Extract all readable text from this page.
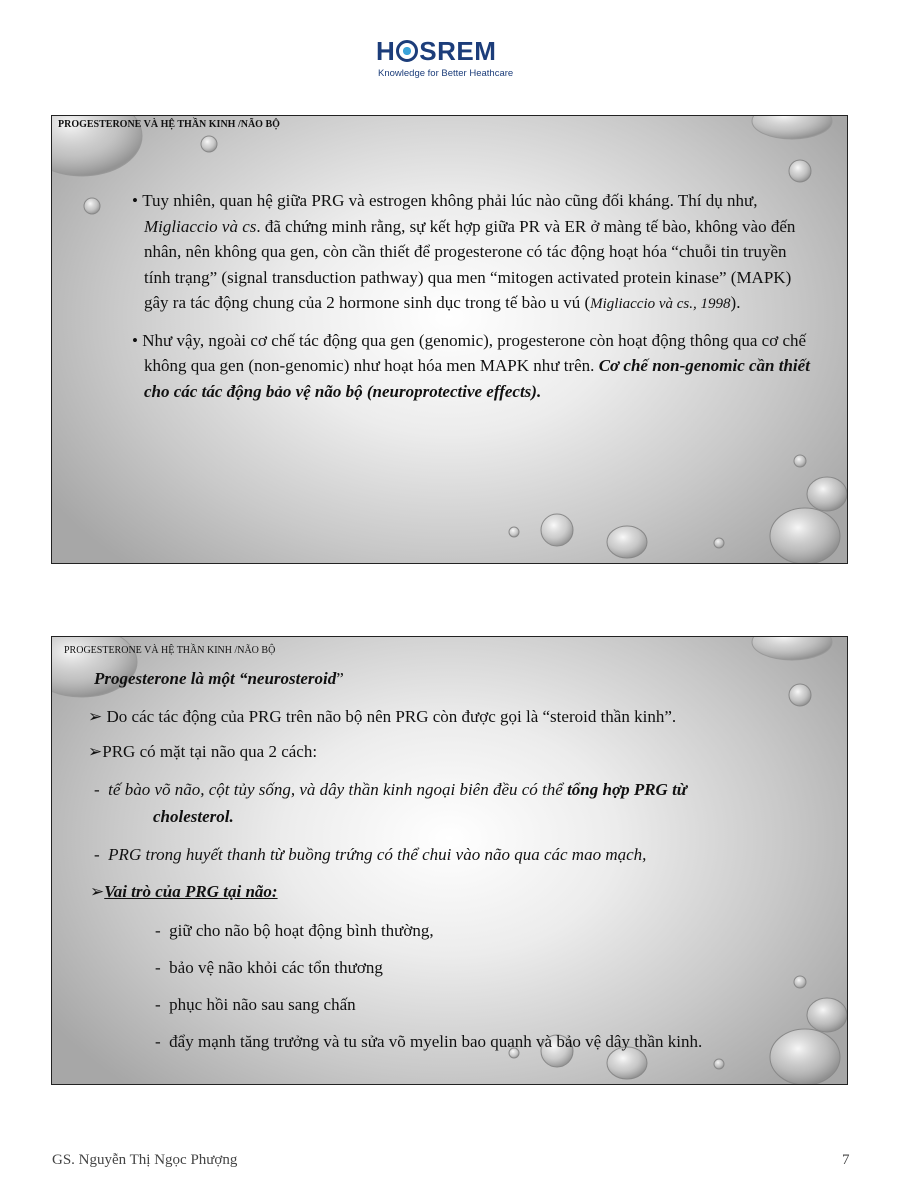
H SREM
Knowledge for Better Heathcare
PROGESTERONE VÀ HỆ THẦN KINH /NÃO BỘ

• Tuy nhiên, quan hệ giữa PRG và estrogen không phải lúc nào cũng đối kháng. Thí dụ như, Migliaccio và cs. đã chứng minh rằng, sự kết hợp giữa PR và ER ở màng tế bào, không vào đến nhân, nên không qua gen, còn cần thiết để progesterone có tác động hoạt hóa “chuỗi tin truyền tính trạng” (signal transduction pathway) qua men “mitogen activated protein kinase” (MAPK) gây ra tác động chung của 2 hormone sinh dục trong tế bào u vú (Migliaccio và cs., 1998).

• Như vậy, ngoài cơ chế tác động qua gen (genomic), progesterone còn hoạt động thông qua cơ chế không qua gen (non-genomic) như hoạt hóa men MAPK như trên. Cơ chế non-genomic cần thiết cho các tác động bảo vệ não bộ (neuroprotective effects).

PROGESTERONE VÀ HỆ THẦN KINH /NÃO BỘ
Progesterone là một “neurosteroid”
➢ Do các tác động của PRG trên não bộ nên PRG còn được gọi là “steroid thần kinh”.
➢PRG có mặt tại não qua 2 cách:
- tế bào võ não, cột tủy sống, và dây thần kinh ngoại biên đều có thể tổng hợp PRG từ
cholesterol.
- PRG trong huyết thanh từ buồng trứng có thể chui vào não qua các mao mạch,
➢Vai trò của PRG tại não:
-  giữ cho não bộ hoạt động bình thường,
-  bảo vệ não khỏi các tổn thương
-  phục hồi não sau sang chấn
-  đẩy mạnh tăng trưởng và tu sửa võ myelin bao quanh và bảo vệ dây thần kinh.
GS. Nguyễn Thị Ngọc Phượng	7
